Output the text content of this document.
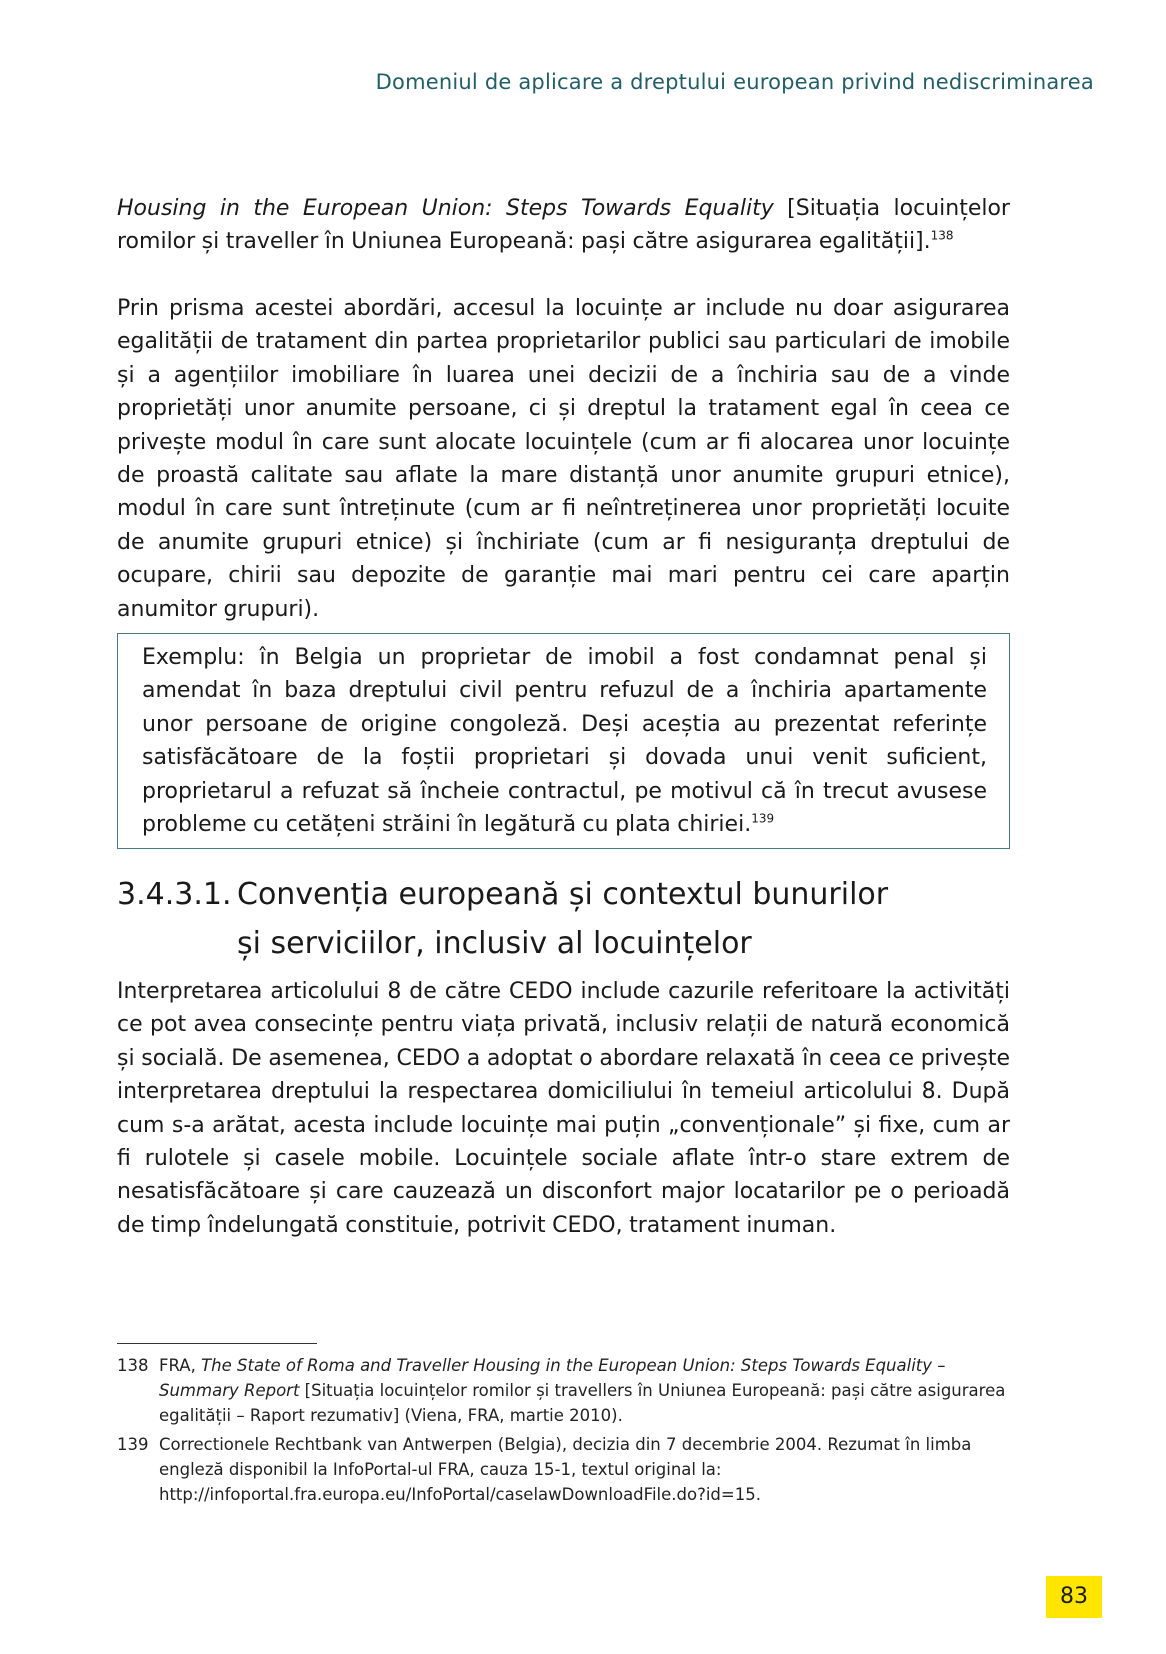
Domeniul de aplicare a dreptului european privind nediscriminarea

Housing in the European Union: Steps Towards Equality [Situația locuințelor romilor și traveller în Uniunea Europeană: pași către asigurarea egalității].$^{138}$

Prin prisma acestei abordări, accesul la locuințe ar include nu doar asigurarea egalității de tratament din partea proprietarilor publici sau particulari de imobile și a agențiilor imobiliare în luarea unei decizii de a închiria sau de a vinde proprietăți unor anumite persoane, ci și dreptul la tratament egal în ceea ce privește modul în care sunt alocate locuințele (cum ar fi alocarea unor locuințe de proastă calitate sau aflate la mare distanță unor anumite grupuri etnice), modul în care sunt întreținute (cum ar fi neîntreținerea unor proprietăți locuite de anumite grupuri etnice) și închiriate (cum ar fi nesiguranța dreptului de ocupare, chirii sau depozite de garanție mai mari pentru cei care aparțin anumitor grupuri).

Exemplu: în Belgia un proprietar de imobil a fost condamnat penal și amendat în baza dreptului civil pentru refuzul de a închiria apartamente unor persoane de origine congoleză. Deși aceștia au prezentat referințe satisfăcătoare de la foștii proprietari și dovada unui venit suficient, proprietarul a refuzat să încheie contractul, pe motivul că în trecut avusese probleme cu cetățeni străini în legătură cu plata chiriei.$^{139}$

3.4.3.1. Convenția europeană și contextul bunurilor și serviciilor, inclusiv al locuințelor

Interpretarea articolului 8 de către CEDO include cazurile referitoare la activități ce pot avea consecințe pentru viața privată, inclusiv relații de natură economică și socială. De asemenea, CEDO a adoptat o abordare relaxată în ceea ce privește interpretarea dreptului la respectarea domiciliului în temeiul articolului 8. După cum s-a arătat, acesta include locuințe mai puțin „convenționale” și fixe, cum ar fi rulotele și casele mobile. Locuințele sociale aflate într-o stare extrem de nesatisfăcătoare și care cauzează un disconfort major locatarilor pe o perioadă de timp îndelungată constituie, potrivit CEDO, tratament inuman.

138 FRA, The State of Roma and Traveller Housing in the European Union: Steps Towards Equality – Summary Report [Situația locuințelor romilor și travellers în Uniunea Europeană: pași către asigurarea egalității – Raport rezumativ] (Viena, FRA, martie 2010).
139 Correctionele Rechtbank van Antwerpen (Belgia), decizia din 7 decembrie 2004. Rezumat în limba engleză disponibil la InfoPortal-ul FRA, cauza 15-1, textul original la: http://infoportal.fra.europa.eu/InfoPortal/caselawDownloadFile.do?id=15.
83
